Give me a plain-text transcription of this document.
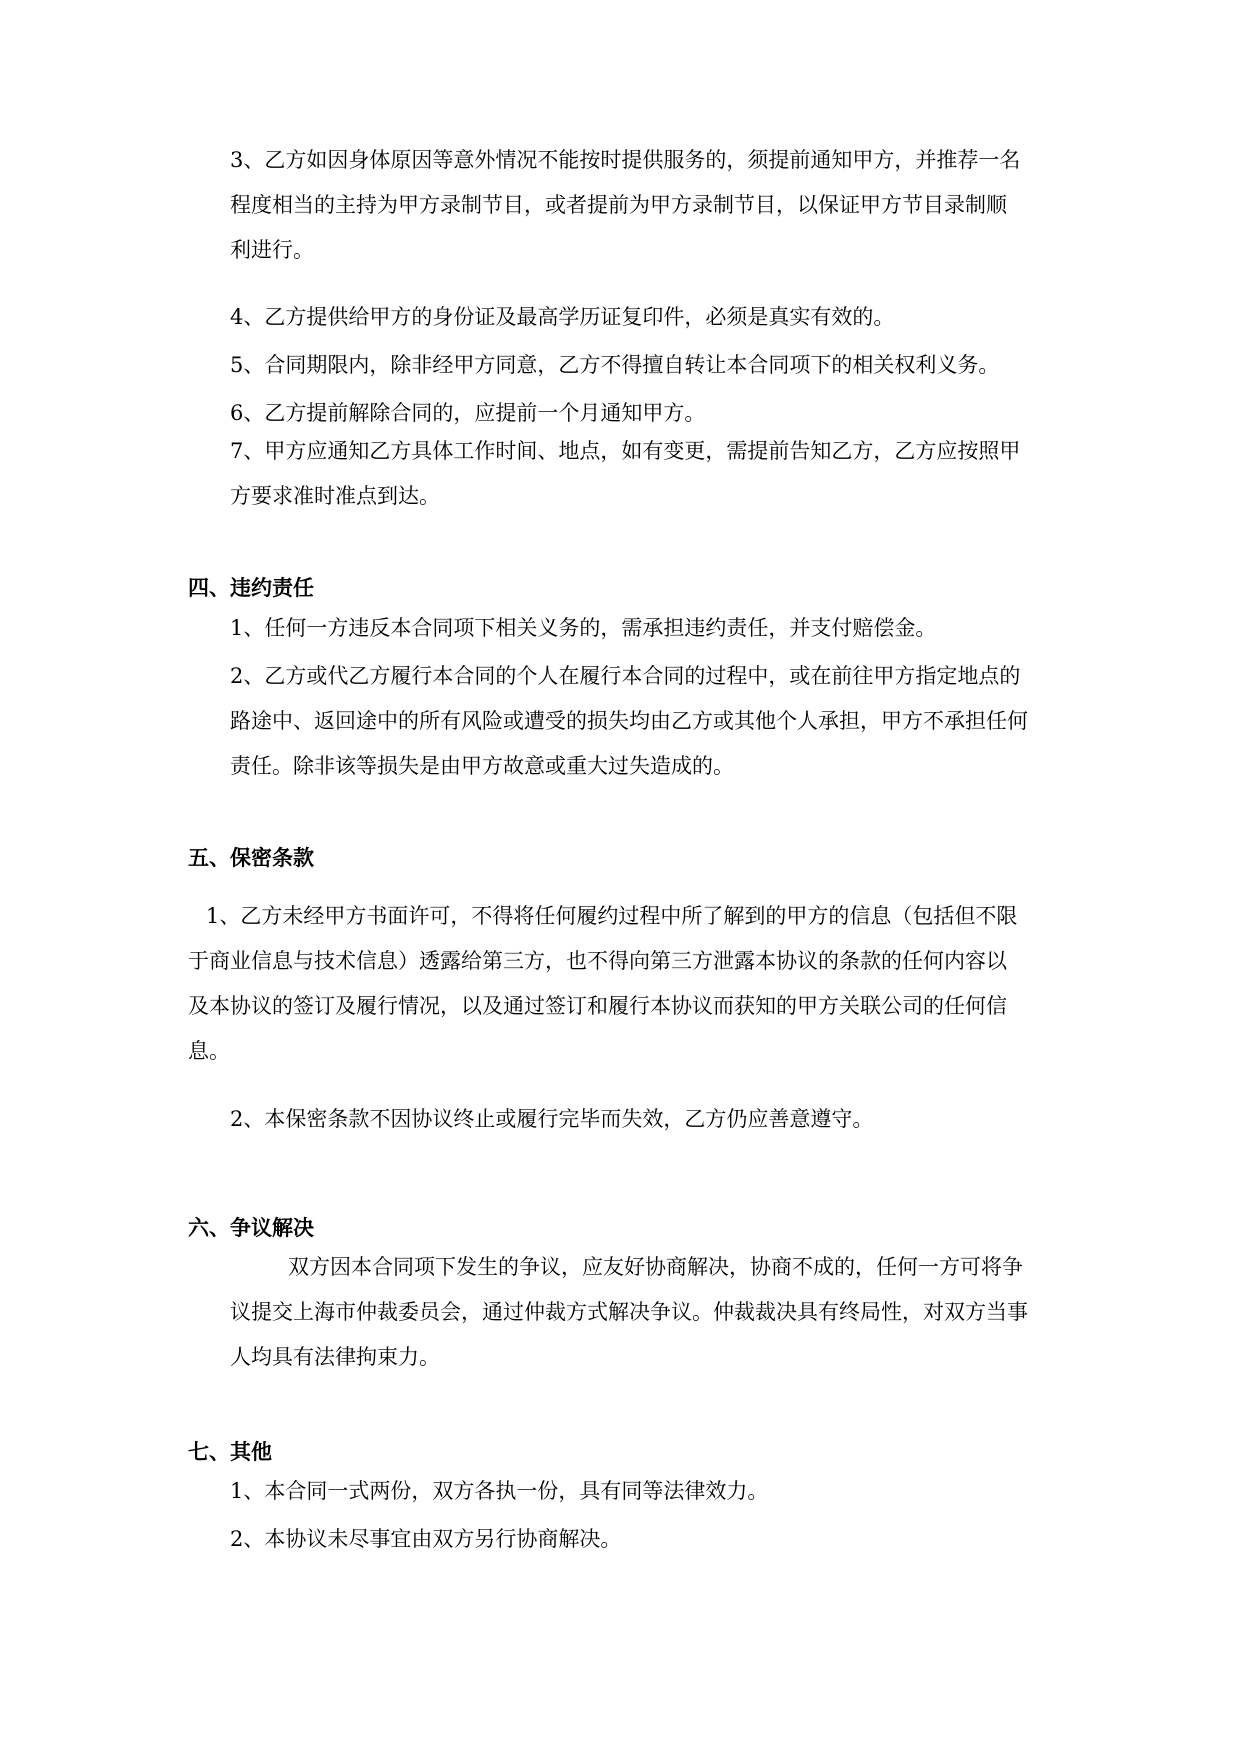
3、乙方如因身体原因等意外情况不能按时提供服务的，须提前通知甲方，并推荐一名
程度相当的主持为甲方录制节目，或者提前为甲方录制节目，以保证甲方节目录制顺
利进行。

4、乙方提供给甲方的身份证及最高学历证复印件，必须是真实有效的。

5、合同期限内，除非经甲方同意，乙方不得擅自转让本合同项下的相关权利义务。

6、乙方提前解除合同的，应提前一个月通知甲方。

7、甲方应通知乙方具体工作时间、地点，如有变更，需提前告知乙方，乙方应按照甲
方要求准时准点到达。
四、违约责任

1、任何一方违反本合同项下相关义务的，需承担违约责任，并支付赔偿金。

2、乙方或代乙方履行本合同的个人在履行本合同的过程中，或在前往甲方指定地点的
路途中、返回途中的所有风险或遭受的损失均由乙方或其他个人承担，甲方不承担任何
责任。除非该等损失是由甲方故意或重大过失造成的。
五、保密条款
1、乙方未经甲方书面许可，不得将任何履约过程中所了解到的甲方的信息（包括但不限
于商业信息与技术信息）透露给第三方，也不得向第三方泄露本协议的条款的任何内容以
及本协议的签订及履行情况，以及通过签订和履行本协议而获知的甲方关联公司的任何信
息。

2、本保密条款不因协议终止或履行完毕而失效，乙方仍应善意遵守。

六、争议解决
双方因本合同项下发生的争议，应友好协商解决，协商不成的，任何一方可将争
议提交上海市仲裁委员会，通过仲裁方式解决争议。仲裁裁决具有终局性，对双方当事
人均具有法律拘束力。
七、其他

1、本合同一式两份，双方各执一份，具有同等法律效力。

2、本协议未尽事宜由双方另行协商解决。
